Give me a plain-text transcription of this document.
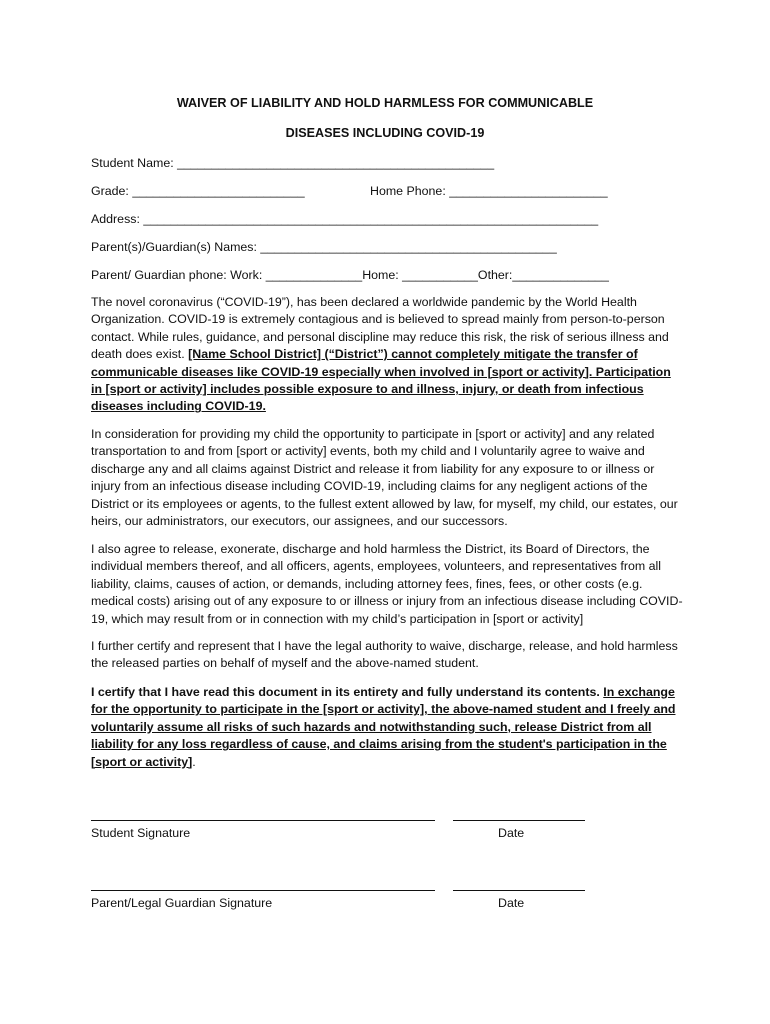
WAIVER OF LIABILITY AND HOLD HARMLESS FOR COMMUNICABLE
DISEASES INCLUDING COVID-19
Student Name: ______________________________________________
Grade: _________________________	Home Phone: _______________________
Address: __________________________________________________________________
Parent(s)/Guardian(s) Names: ___________________________________________
Parent/ Guardian phone: Work: ______________Home: ___________Other:______________
The novel coronavirus (“COVID-19”), has been declared a worldwide pandemic by the World Health Organization. COVID-19 is extremely contagious and is believed to spread mainly from person-to-person contact. While rules, guidance, and personal discipline may reduce this risk, the risk of serious illness and death does exist. [Name School District] (“District”) cannot completely mitigate the transfer of communicable diseases like COVID-19 especially when involved in [sport or activity]. Participation in [sport or activity] includes possible exposure to and illness, injury, or death from infectious diseases including COVID-19.
In consideration for providing my child the opportunity to participate in [sport or activity] and any related transportation to and from [sport or activity] events, both my child and I voluntarily agree to waive and discharge any and all claims against District and release it from liability for any exposure to or illness or injury from an infectious disease including COVID-19, including claims for any negligent actions of the District or its employees or agents, to the fullest extent allowed by law, for myself, my child, our estates, our heirs, our administrators, our executors, our assignees, and our successors.
I also agree to release, exonerate, discharge and hold harmless the District, its Board of Directors, the individual members thereof, and all officers, agents, employees, volunteers, and representatives from all liability, claims, causes of action, or demands, including attorney fees, fines, fees, or other costs (e.g. medical costs) arising out of any exposure to or illness or injury from an infectious disease including COVID-19, which may result from or in connection with my child’s participation in [sport or activity]
I further certify and represent that I have the legal authority to waive, discharge, release, and hold harmless the released parties on behalf of myself and the above-named student.
I certify that I have read this document in its entirety and fully understand its contents. In exchange for the opportunity to participate in the [sport or activity], the above-named student and I freely and voluntarily assume all risks of such hazards and notwithstanding such, release District from all liability for any loss regardless of cause, and claims arising from the student's participation in the [sport or activity].
Student Signature	Date
Parent/Legal Guardian Signature	Date
